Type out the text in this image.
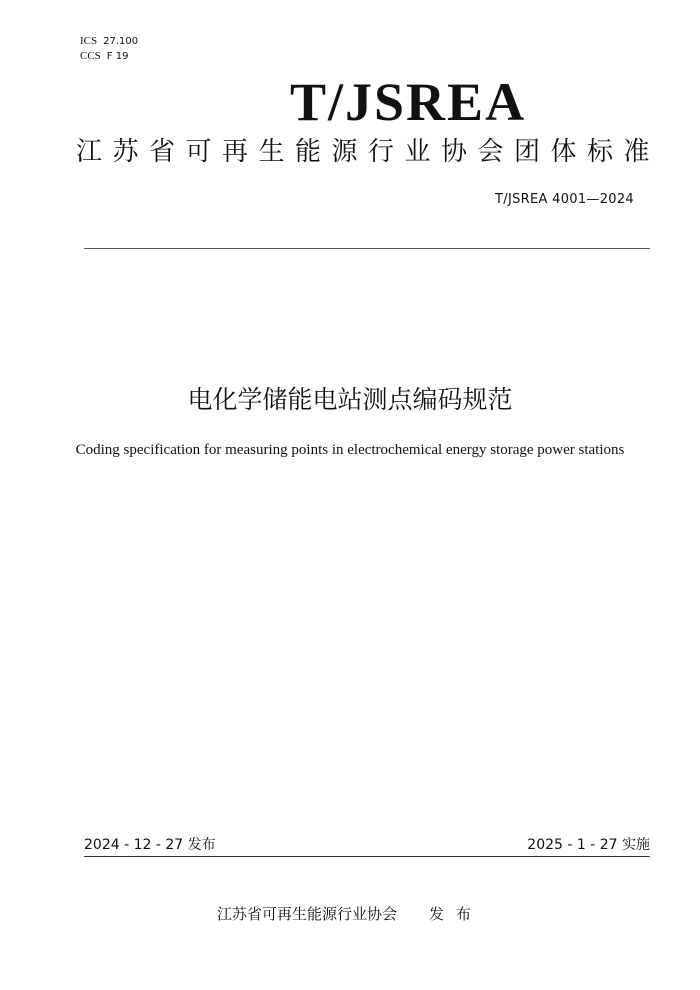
ICS 27.100
CCS F 19
T/JSREA
江苏省可再生能源行业协会团体标准
T/JSREA 4001—2024
电化学储能电站测点编码规范
Coding specification for measuring points in electrochemical energy storage power stations
2024 - 12 - 27 发布	2025 - 1 - 27 实施
江苏省可再生能源行业协会 发布
